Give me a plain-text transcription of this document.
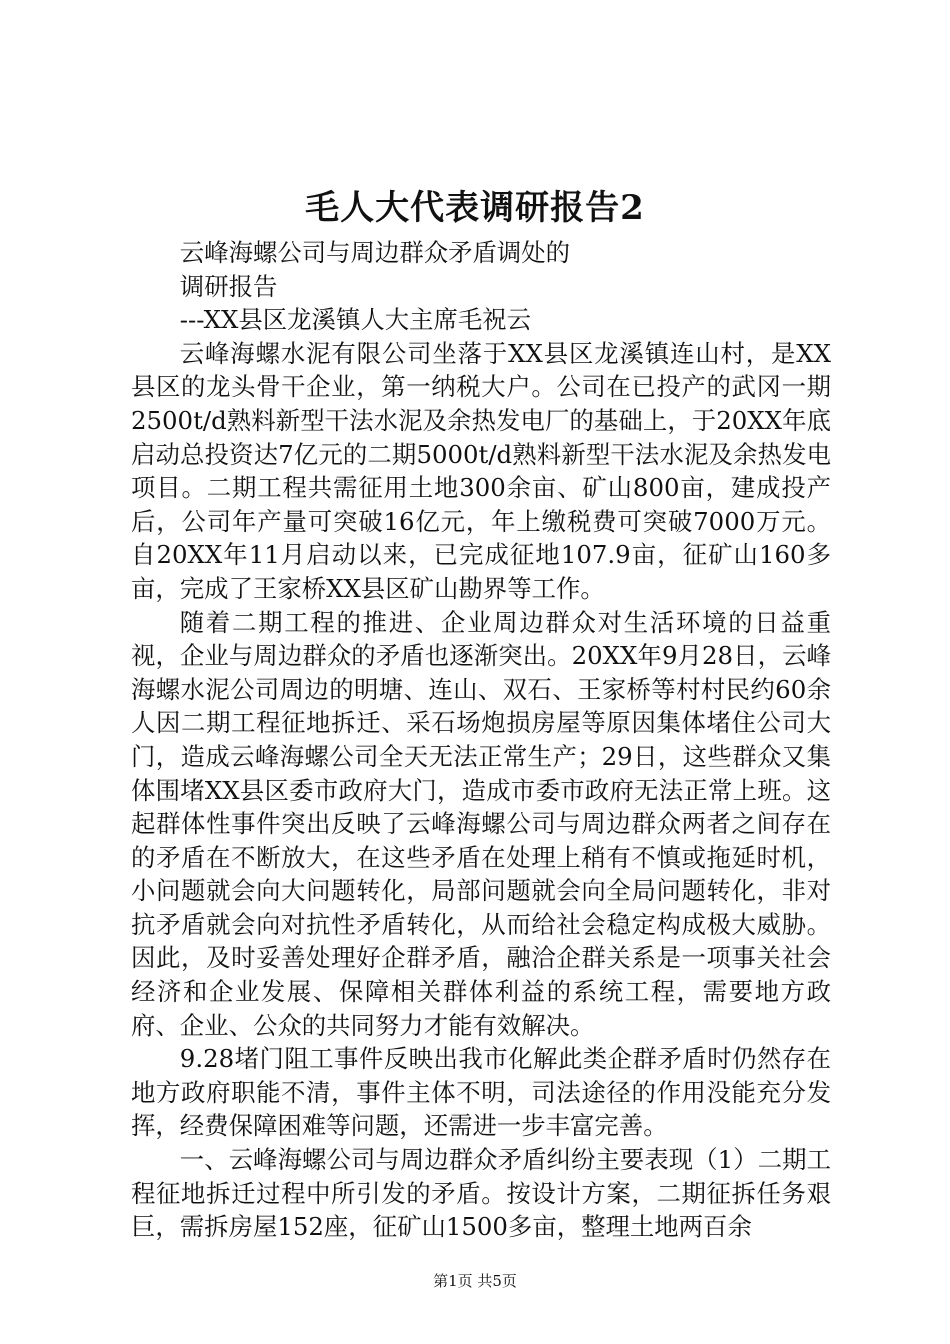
毛人大代表调研报告2

云峰海螺公司与周边群众矛盾调处的

调研报告

---XX县区龙溪镇人大主席毛祝云

云峰海螺水泥有限公司坐落于XX县区龙溪镇连山村，是XX县区的龙头骨干企业，第一纳税大户。公司在已投产的武冈一期2500t/d熟料新型干法水泥及余热发电厂的基础上，于20XX年底启动总投资达7亿元的二期5000t/d熟料新型干法水泥及余热发电项目。二期工程共需征用土地300余亩、矿山800亩，建成投产后，公司年产量可突破16亿元，年上缴税费可突破7000万元。自20XX年11月启动以来，已完成征地107.9亩，征矿山160多亩，完成了王家桥XX县区矿山勘界等工作。

随着二期工程的推进、企业周边群众对生活环境的日益重视，企业与周边群众的矛盾也逐渐突出。20XX年9月28日，云峰海螺水泥公司周边的明塘、连山、双石、王家桥等村村民约60余人因二期工程征地拆迁、采石场炮损房屋等原因集体堵住公司大门，造成云峰海螺公司全天无法正常生产；29日，这些群众又集体围堵XX县区委市政府大门，造成市委市政府无法正常上班。这起群体性事件突出反映了云峰海螺公司与周边群众两者之间存在的矛盾在不断放大，在这些矛盾在处理上稍有不慎或拖延时机，小问题就会向大问题转化，局部问题就会向全局问题转化，非对抗矛盾就会向对抗性矛盾转化，从而给社会稳定构成极大威胁。因此，及时妥善处理好企群矛盾，融洽企群关系是一项事关社会经济和企业发展、保障相关群体利益的系统工程，需要地方政府、企业、公众的共同努力才能有效解决。

9.28堵门阻工事件反映出我市化解此类企群矛盾时仍然存在地方政府职能不清，事件主体不明，司法途径的作用没能充分发挥，经费保障困难等问题，还需进一步丰富完善。

一、云峰海螺公司与周边群众矛盾纠纷主要表现（1）二期工程征地拆迁过程中所引发的矛盾。按设计方案，二期征拆任务艰巨，需拆房屋152座，征矿山1500多亩，整理土地两百余

第1页 共5页
